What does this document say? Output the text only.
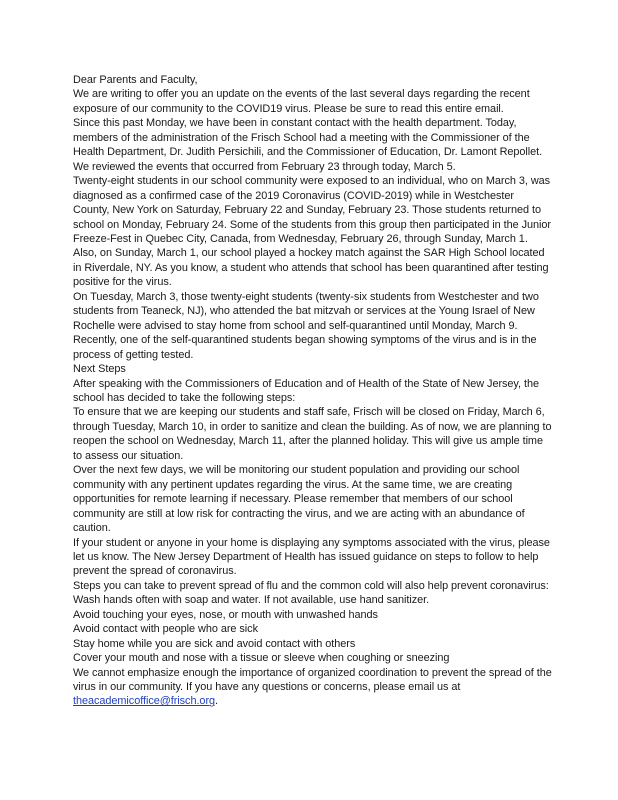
Dear Parents and Faculty,

We are writing to offer you an update on the events of the last several days regarding the recent exposure of our community to the COVID19 virus. Please be sure to read this entire email.

Since this past Monday, we have been in constant contact with the health department. Today, members of the administration of the Frisch School had a meeting with the Commissioner of the Health Department, Dr. Judith Persichili, and the Commissioner of Education, Dr. Lamont Repollet. We reviewed the events that occurred from February 23 through today, March 5.

Twenty-eight students in our school community were exposed to an individual, who on March 3, was diagnosed as a confirmed case of the 2019 Coronavirus (COVID-2019) while in Westchester County, New York on Saturday, February 22 and Sunday, February 23. Those students returned to school on Monday, February 24. Some of the students from this group then participated in the Junior Freeze-Fest in Quebec City, Canada, from Wednesday, February 26, through Sunday, March 1.

Also, on Sunday, March 1, our school played a hockey match against the SAR High School located in Riverdale, NY. As you know, a student who attends that school has been quarantined after testing positive for the virus.

On Tuesday, March 3, those twenty-eight students (twenty-six students from Westchester and two students from Teaneck, NJ), who attended the bat mitzvah or services at the Young Israel of New Rochelle were advised to stay home from school and self-quarantined until Monday, March 9.

Recently, one of the self-quarantined students began showing symptoms of the virus and is in the process of getting tested.

Next Steps

After speaking with the Commissioners of Education and of Health of the State of New Jersey, the school has decided to take the following steps:

To ensure that we are keeping our students and staff safe, Frisch will be closed on Friday, March 6, through Tuesday, March 10, in order to sanitize and clean the building. As of now, we are planning to reopen the school on Wednesday, March 11, after the planned holiday. This will give us ample time to assess our situation.

Over the next few days, we will be monitoring our student population and providing our school community with any pertinent updates regarding the virus. At the same time, we are creating opportunities for remote learning if necessary. Please remember that members of our school community are still at low risk for contracting the virus, and we are acting with an abundance of caution.

If your student or anyone in your home is displaying any symptoms associated with the virus, please let us know. The New Jersey Department of Health has issued guidance on steps to follow to help prevent the spread of coronavirus.

Steps you can take to prevent spread of flu and the common cold will also help prevent coronavirus:

Wash hands often with soap and water. If not available, use hand sanitizer.

Avoid touching your eyes, nose, or mouth with unwashed hands

Avoid contact with people who are sick

Stay home while you are sick and avoid contact with others

Cover your mouth and nose with a tissue or sleeve when coughing or sneezing

We cannot emphasize enough the importance of organized coordination to prevent the spread of the virus in our community. If you have any questions or concerns, please email us at theacademicoffice@frisch.org.
